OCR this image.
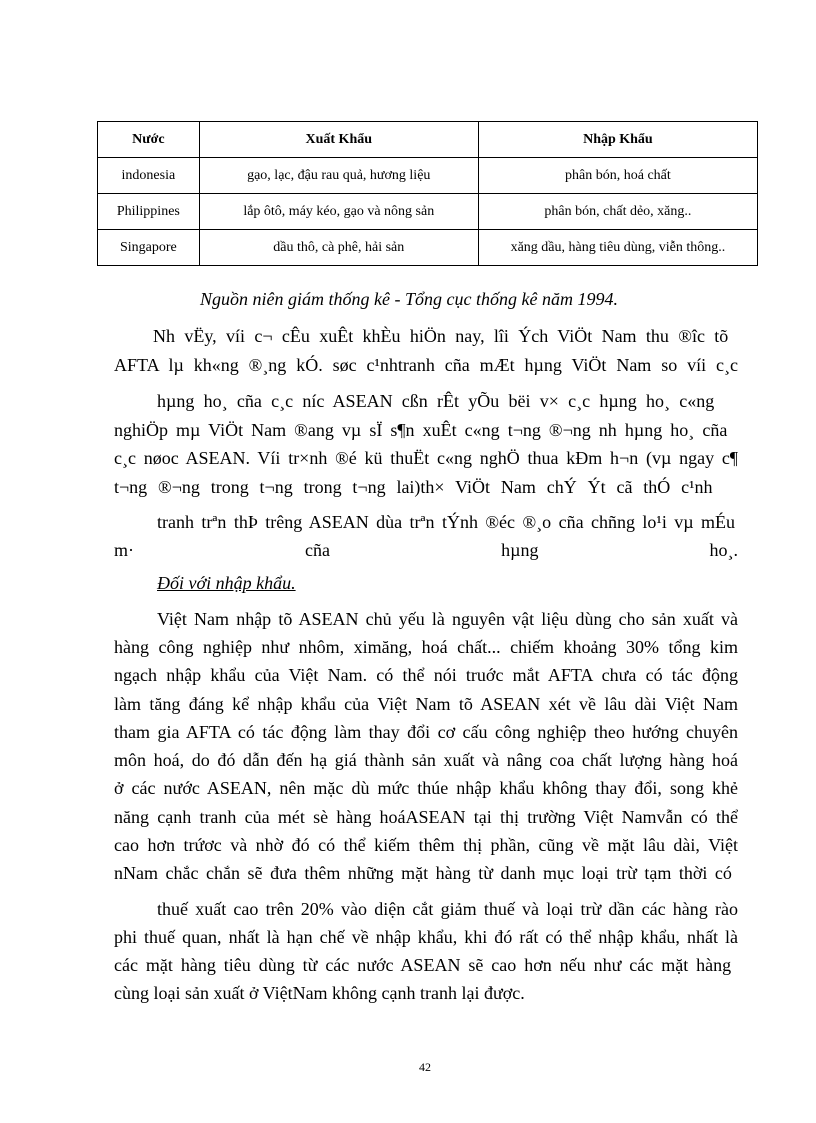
Nước	Xuất Khẩu	Nhập Khẩu
indonesia	gạo, lạc, đậu rau quả, hương liệu	phân bón, hoá chất
Philippines	lắp ôtô, máy kéo, gạo và nông sản	phân bón, chất dẻo, xăng..
Singapore	dầu thô, cà phê, hải sản	xăng dầu, hàng tiêu dùng, viễn thông..
Nguồn niên giám thống kê - Tổng cục thống kê năm 1994.
Nh vËy, víi c¬ cÊu xuÊt khÈu hiÖn nay, lîi Ých ViÖt Nam thu ®îc tõ
AFTA lµ kh«ng ®¸ng kÓ. søc c¹nhtranh cña mÆt hµng ViÖt Nam so víi c¸c
hµng ho¸ cña c¸c níc ASEAN cßn rÊt yÕu bëi v× c¸c hµng ho¸ c«ng
nghiÖp mµ ViÖt Nam ®ang vµ sÏ s¶n xuÊt c«ng t¬ng ®¬ng nh hµng ho¸ cña
c¸c nøoc ASEAN. Víi tr×nh ®é kü thuËt c«ng nghÖ thua kÐm h¬n (vµ ngay c¶
t¬ng ®¬ng trong t¬ng trong t¬ng lai)th× ViÖt Nam chÝ Ýt cã thÓ c¹nh
tranh trªn thÞ trêng ASEAN dùa trªn tÝnh ®éc ®¸o cña chñng lo¹i vµ mÉu
m·	cña	hµng	ho¸.
Đối với nhập khẩu.
Việt Nam nhập tõ ASEAN chủ yếu là nguyên vật liệu dùng cho sản xuất và
hàng công nghiệp như nhôm, ximăng, hoá chất... chiếm khoảng 30% tổng kim
ngạch nhập khẩu của Việt Nam. có thể nói truớc mắt AFTA chưa có tác động
làm tăng đáng kể nhập khẩu của Việt Nam tõ ASEAN xét về lâu dài Việt Nam
tham gia AFTA có tác động làm thay đổi cơ cấu công nghiệp theo hướng chuyên
môn hoá, do đó dẫn đến hạ giá thành sản xuất và nâng coa chất lượng hàng hoá
ở các nước ASEAN, nên mặc dù mức thúe nhập khẩu không thay đổi, song khẻ
năng cạnh tranh của mét sè hàng hoáASEAN tại thị trường Việt Namvẫn có thể
cao hơn trứơc và nhờ đó có thể kiếm thêm thị phần, cũng về mặt lâu dài, Việt
nNam chắc chắn sẽ đưa thêm những mặt hàng từ danh mục loại trừ tạm thời có
thuế xuất cao trên 20% vào diện cắt giảm thuế và loại trừ dần các hàng rào
phi thuế quan, nhất là hạn chế về nhập khẩu, khi đó rất có thể nhập khẩu, nhất là
các mặt hàng tiêu dùng từ các nước ASEAN sẽ cao hơn nếu như các mặt hàng
cùng loại sản xuất ở ViệtNam không cạnh tranh lại được.
42
